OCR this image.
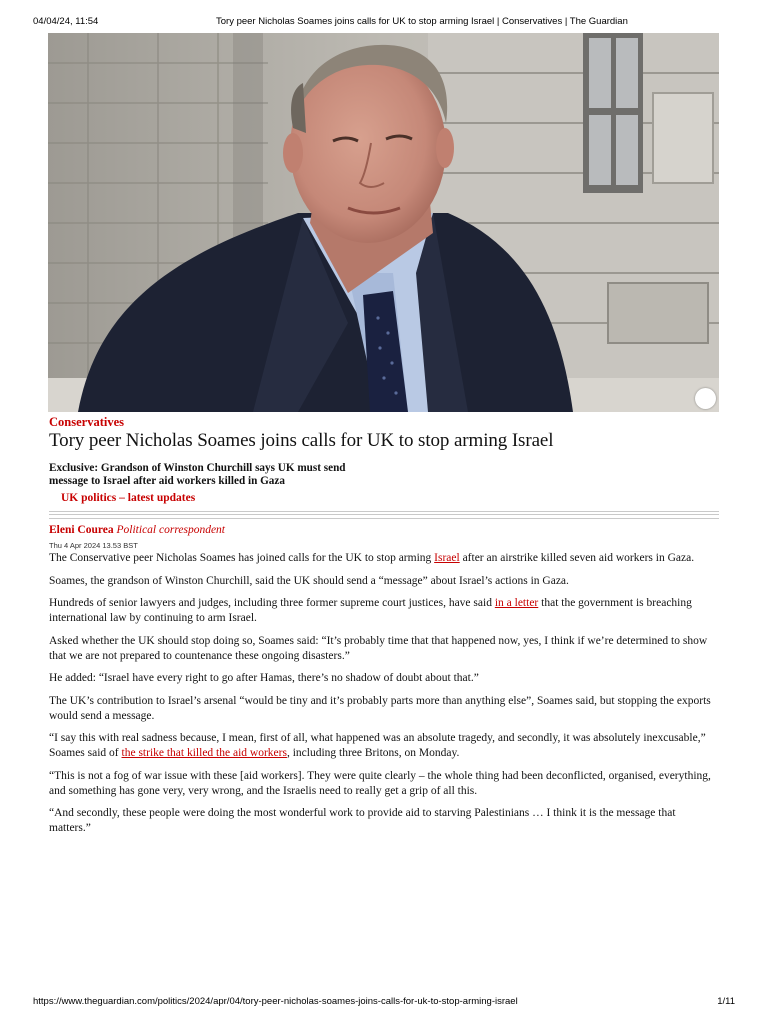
04/04/24, 11:54	Tory peer Nicholas Soames joins calls for UK to stop arming Israel | Conservatives | The Guardian
Conservatives
Tory peer Nicholas Soames joins calls for UK to stop arming Israel

Exclusive: Grandson of Winston Churchill says UK must send message to Israel after aid workers killed in Gaza

UK politics – latest updates
Eleni Courea Political correspondent
Thu 4 Apr 2024 13.53 BST

The Conservative peer Nicholas Soames has joined calls for the UK to stop arming Israel after an airstrike killed seven aid workers in Gaza.

Soames, the grandson of Winston Churchill, said the UK should send a “message” about Israel’s actions in Gaza.

Hundreds of senior lawyers and judges, including three former supreme court justices, have said in a letter that the government is breaching international law by continuing to arm Israel.

Asked whether the UK should stop doing so, Soames said: “It’s probably time that that happened now, yes, I think if we’re determined to show that we are not prepared to countenance these ongoing disasters.”

He added: “Israel have every right to go after Hamas, there’s no shadow of doubt about that.”

The UK’s contribution to Israel’s arsenal “would be tiny and it’s probably parts more than anything else”, Soames said, but stopping the exports would send a message.

“I say this with real sadness because, I mean, first of all, what happened was an absolute tragedy, and secondly, it was absolutely inexcusable,” Soames said of the strike that killed the aid workers, including three Britons, on Monday.

“This is not a fog of war issue with these [aid workers]. They were quite clearly – the whole thing had been deconflicted, organised, everything, and something has gone very, very wrong, and the Israelis need to really get a grip of all this.

“And secondly, these people were doing the most wonderful work to provide aid to starving Palestinians … I think it is the message that matters.”

https://www.theguardian.com/politics/2024/apr/04/tory-peer-nicholas-soames-joins-calls-for-uk-to-stop-arming-israel	1/11
